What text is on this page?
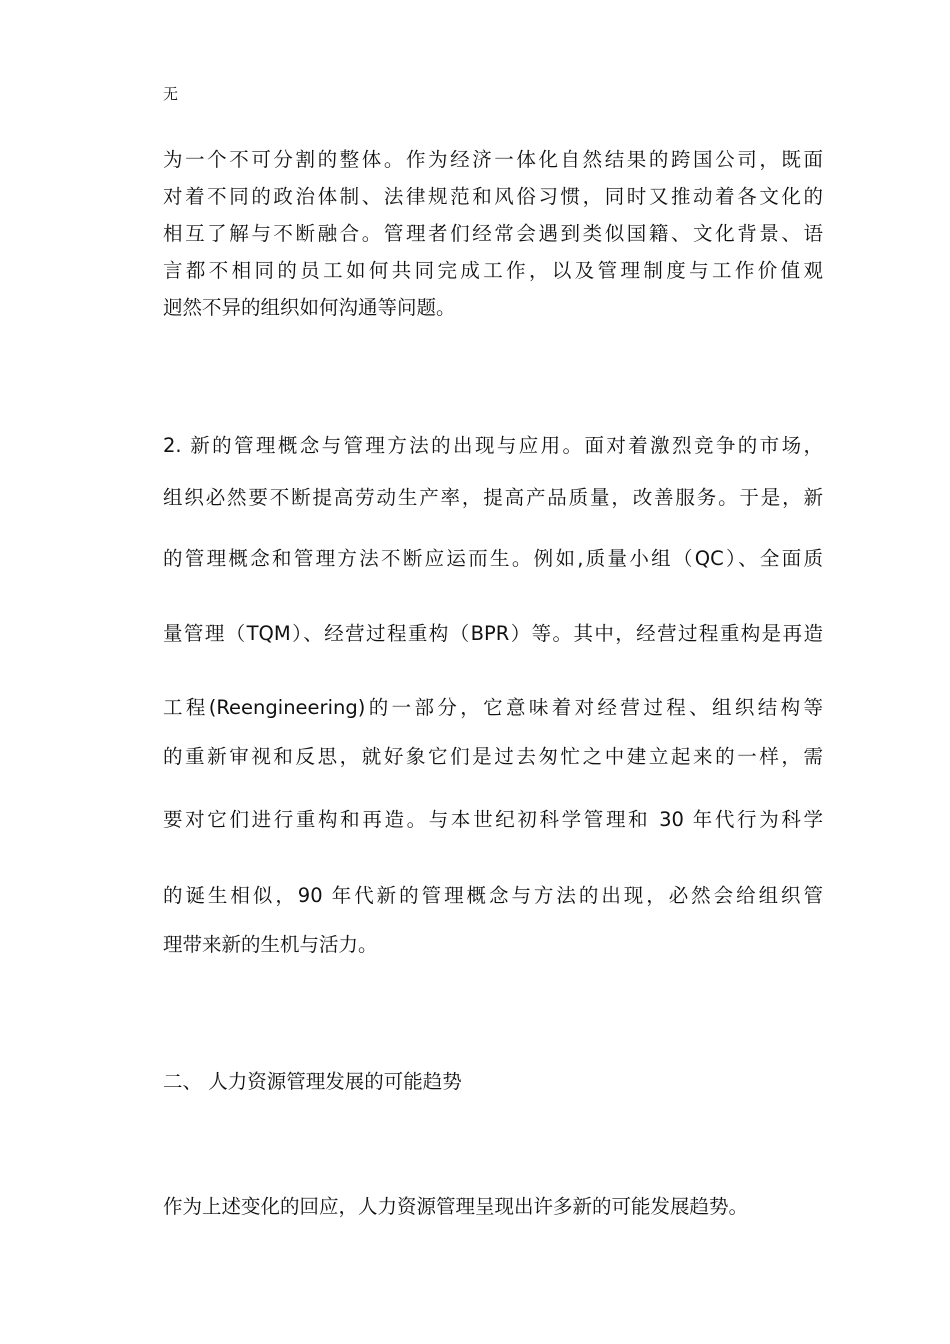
无
为一个不可分割的整体。作为经济一体化自然结果的跨国公司，既面
对着不同的政治体制、法律规范和风俗习惯，同时又推动着各文化的
相互了解与不断融合。管理者们经常会遇到类似国籍、文化背景、语
言都不相同的员工如何共同完成工作，以及管理制度与工作价值观
迥然不异的组织如何沟通等问题。
2. 新的管理概念与管理方法的出现与应用。面对着激烈竞争的市场，
组织必然要不断提高劳动生产率，提高产品质量，改善服务。于是，新
的管理概念和管理方法不断应运而生。例如,质量小组（QC）、全面质
量管理（TQM）、经营过程重构（BPR）等。其中，经营过程重构是再造
工程(Reengineering)的一部分，它意味着对经营过程、组织结构等
的重新审视和反思，就好象它们是过去匆忙之中建立起来的一样，需
要对它们进行重构和再造。与本世纪初科学管理和 30 年代行为科学
的诞生相似，90 年代新的管理概念与方法的出现，必然会给组织管
理带来新的生机与活力。
二、 人力资源管理发展的可能趋势
作为上述变化的回应，人力资源管理呈现出许多新的可能发展趋势。
